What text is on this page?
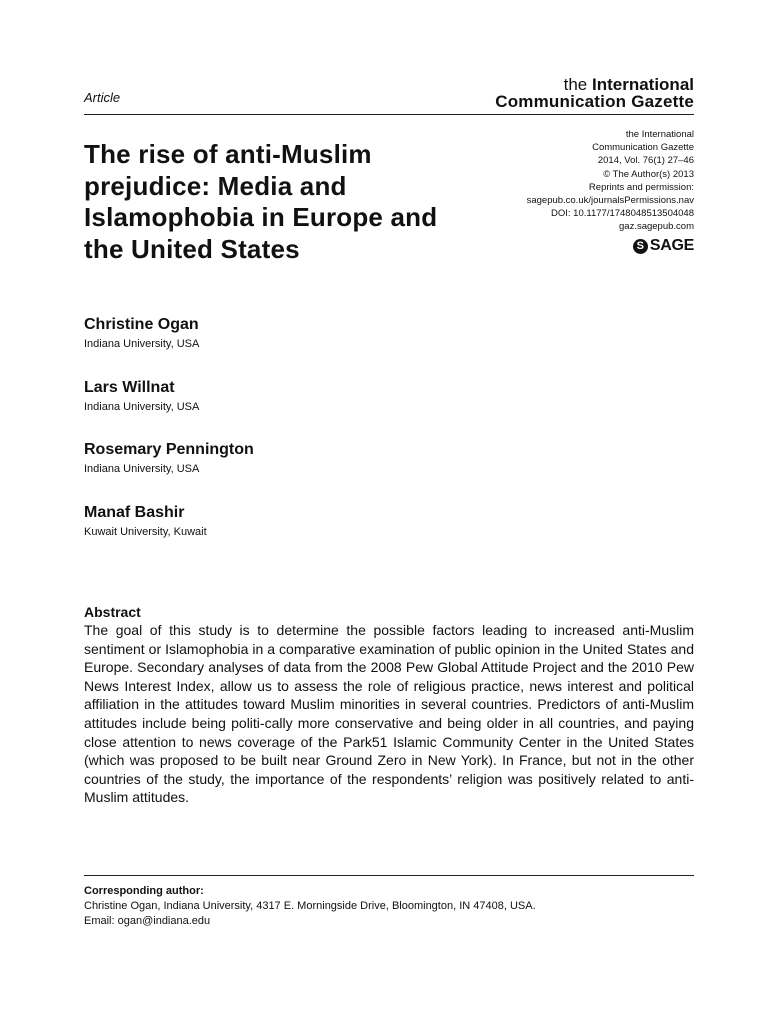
Article
the International
Communication Gazette
The rise of anti-Muslim prejudice: Media and Islamophobia in Europe and the United States
the International
Communication Gazette
2014, Vol. 76(1) 27–46
© The Author(s) 2013
Reprints and permission:
sagepub.co.uk/journalsPermissions.nav
DOI: 10.1177/1748048513504048
gaz.sagepub.com
S SAGE
Christine Ogan
Indiana University, USA
Lars Willnat
Indiana University, USA
Rosemary Pennington
Indiana University, USA
Manaf Bashir
Kuwait University, Kuwait
Abstract
The goal of this study is to determine the possible factors leading to increased anti-Muslim sentiment or Islamophobia in a comparative examination of public opinion in the United States and Europe. Secondary analyses of data from the 2008 Pew Global Attitude Project and the 2010 Pew News Interest Index, allow us to assess the role of religious practice, news interest and political affiliation in the attitudes toward Muslim minorities in several countries. Predictors of anti-Muslim attitudes include being politi-cally more conservative and being older in all countries, and paying close attention to news coverage of the Park51 Islamic Community Center in the United States (which was proposed to be built near Ground Zero in New York). In France, but not in the other countries of the study, the importance of the respondents’ religion was positively related to anti-Muslim attitudes.
Corresponding author:
Christine Ogan, Indiana University, 4317 E. Morningside Drive, Bloomington, IN 47408, USA.
Email: ogan@indiana.edu
